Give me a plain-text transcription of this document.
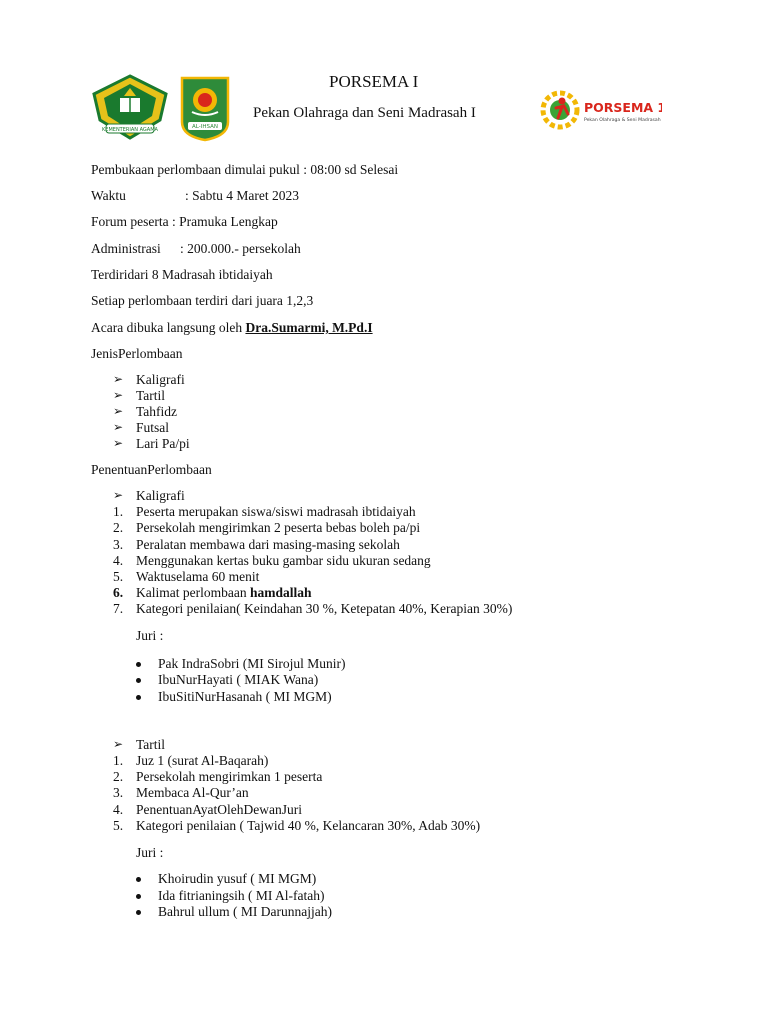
KEMENTERIAN AGAMA	AL-IHSAN
PORSEMA I
Pekan Olahraga dan Seni Madrasah I	PORSEMA 1
Pekan Olahraga & Seni Madrasah
Pembukaan perlombaan dimulai pukul : 08:00 sd Selesai
Waktu	: Sabtu 4 Maret 2023
Forum peserta : Pramuka Lengkap
Administrasi : 200.000.- persekolah
Terdiridari 8 Madrasah ibtidaiyah
Setiap perlombaan terdiri dari juara 1,2,3
Acara dibuka langsung oleh Dra.Sumarmi, M.Pd.I
JenisPerlombaan
➢ Kaligrafi
➢ Tartil
➢ Tahfidz
➢ Futsal
➢ Lari Pa/pi
PenentuanPerlombaan
➢ Kaligrafi
1. Peserta merupakan siswa/siswi madrasah ibtidaiyah
2. Persekolah mengirimkan 2 peserta bebas boleh pa/pi
3. Peralatan membawa dari masing-masing sekolah
4. Menggunakan kertas buku gambar sidu ukuran sedang
5. Waktuselama 60 menit
6. Kalimat perlombaan hamdallah
7. Kategori penilaian( Keindahan 30 %, Ketepatan 40%, Kerapian 30%)
Juri :
Pak IndraSobri (MI Sirojul Munir)
IbuNurHayati ( MIAK Wana)
IbuSitiNurHasanah ( MI MGM)
➢ Tartil
1. Juz 1 (surat Al-Baqarah)
2. Persekolah mengirimkan 1 peserta
3. Membaca Al-Qur’an
4. PenentuanAyatOlehDewanJuri
5. Kategori penilaian ( Tajwid 40 %, Kelancaran 30%, Adab 30%)
Juri :
Khoirudin yusuf ( MI MGM)
Ida fitrianingsih ( MI Al-fatah)
Bahrul ullum ( MI Darunnajjah)
